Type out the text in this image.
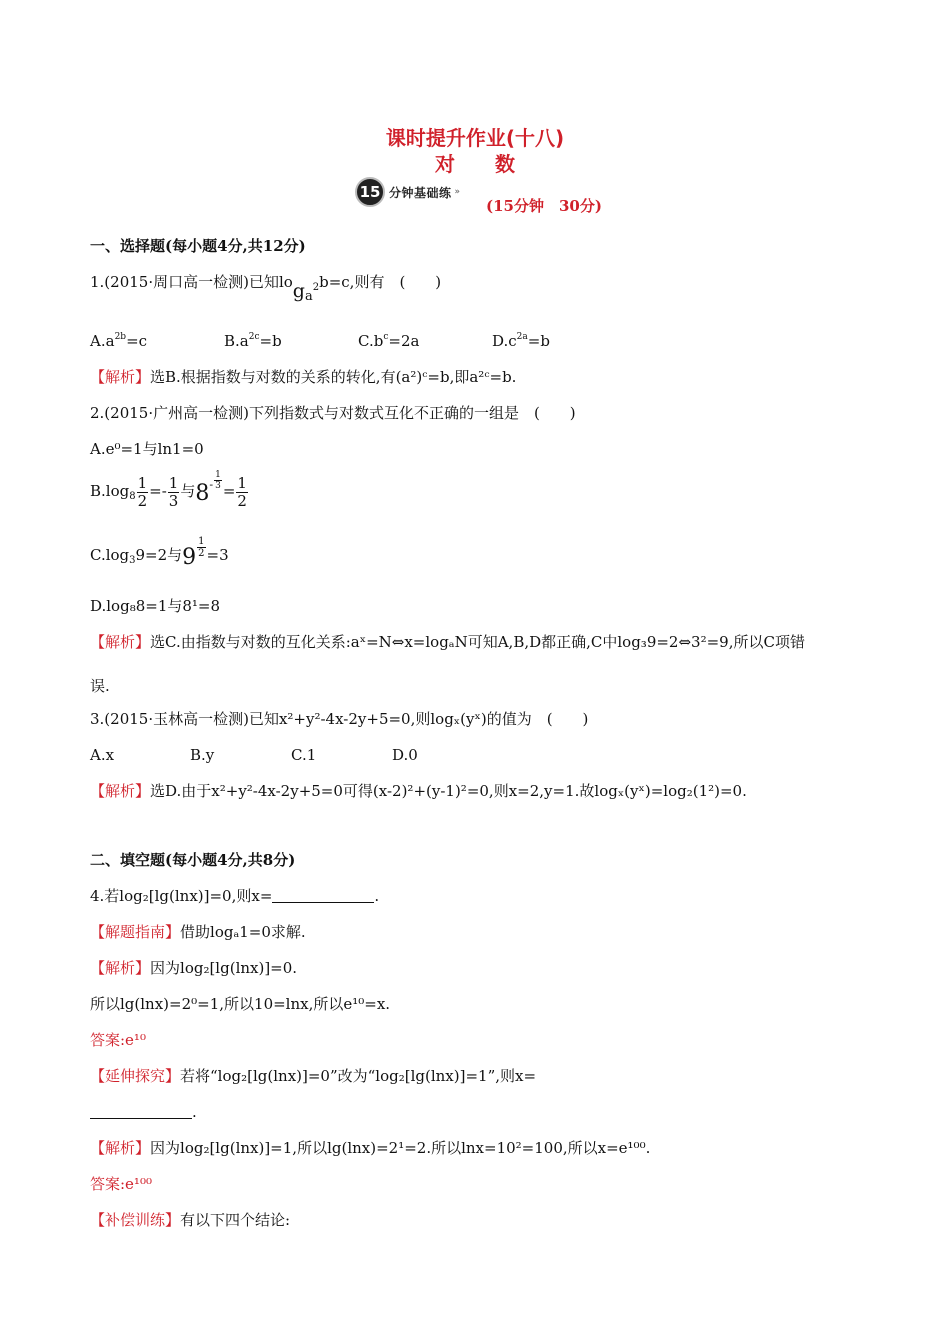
课时提升作业(十八)
对　　数
15 分钟基础练 »
(15分钟　30分)
一、选择题(每小题4分,共12分)
1.(2015·周口高一检测)已知$\log_a^2b=c$,则有　(　　)
$A.a^{2b}=c$	$B.a^{2c}=b$	$C.b^c=2a$	$D.c^{2a}=b$
【解析】选B.根据指数与对数的关系的转化,有(a²)ᶜ=b,即a²ᶜ=b.
2.(2015·广州高一检测)下列指数式与对数式互化不正确的一组是　(　　)
A.e⁰=1与ln1=0
$B.\log_8 \frac{1}{2} =- \frac{1}{3}$ 与$8^{- \frac{1}{3}} = \frac{1}{2}$
$C.\log_39=2$与9 $^{\frac{1}{2}}$ =3
D.log₈8=1与8¹=8
【解析】选C.由指数与对数的互化关系:aˣ=N⇔x=logₐN可知A,B,D都正确,C中log₃9=2⇔3²=9,所以C项错
误.
3.(2015·玉林高一检测)已知x²+y²-4x-2y+5=0,则logₓ(yˣ)的值为　(　　)
A.x	B.y	C.1	D.0
【解析】选D.由于x²+y²-4x-2y+5=0可得(x-2)²+(y-1)²=0,则x=2,y=1.故logₓ(yˣ)=log₂(1²)=0.
二、填空题(每小题4分,共8分)
4.若log₂[lg(lnx)]=0,则x=	.
【解题指南】借助logₐ1=0求解.
【解析】因为log₂[lg(lnx)]=0.
所以lg(lnx)=2⁰=1,所以10=lnx,所以e¹⁰=x.
答案:e¹⁰
【延伸探究】若将“log₂[lg(lnx)]=0”改为“log₂[lg(lnx)]=1”,则x=
.
【解析】因为log₂[lg(lnx)]=1,所以lg(lnx)=2¹=2.所以lnx=10²=100,所以x=e¹⁰⁰.
答案:e¹⁰⁰
【补偿训练】有以下四个结论:
